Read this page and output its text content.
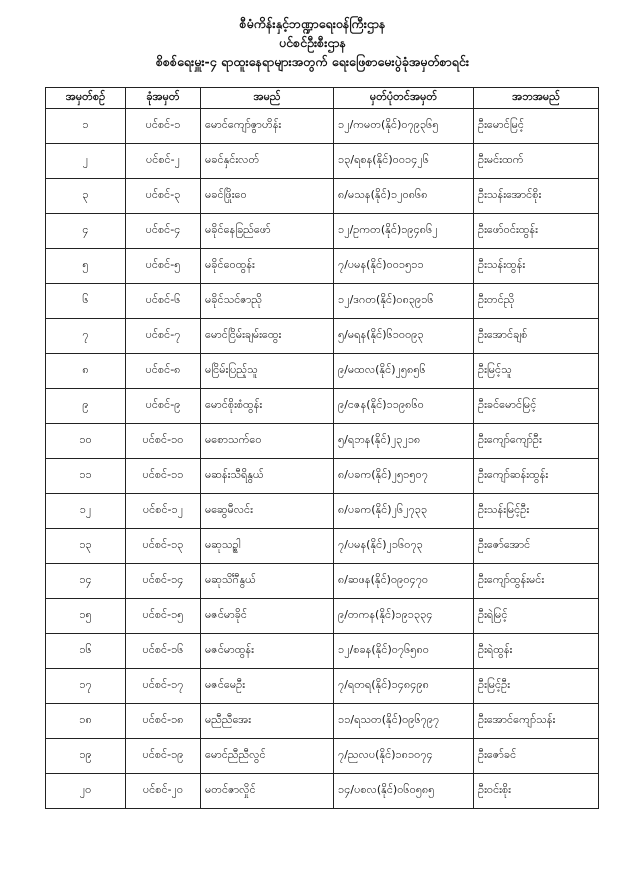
စီမံကိန်းနှင့်ဘဏ္ဍာရေးဝန်ကြီးဌာန
ပင်စင်ဦးစီးဌာန
စိစစ်ရေးမှူး-၄ ရာထူးနေရာများအတွက် ရေးဖြေစာမေးပွဲခုံအမှတ်စာရင်း
အမှတ်စဉ်	ခုံအမှတ်	အမည်	မှတ်ပုံတင်အမှတ်	အဘအမည်
၁	ပင်စင်-၁	မောင်ကျော်ဇွာဟိန်း	၁၂/ကမတ(နိုင်)၀၇၉၃၆၅	ဦးမောင်မြင့်
၂	ပင်စင်-၂	မခင်နှင်းလတ်	၁၃/ရစန(နိုင်)၀၀၁၄၂၆	ဦးမင်းထက်
၃	ပင်စင်-၃	မခင်ဖြိုးဝေ	၈/မသန(နိုင်)၁၂၀၈၆၈	ဦးသန်းအောင်စိုး
၄	ပင်စင်-၄	မခိုင်နေခြည်ဖော်	၁၂/ဥကတ(နိုင်)၁၉၄၈၆၂	ဦးဖော်ဝင်းထွန်း
၅	ပင်စင်-၅	မခိုင်ဝေထွန်း	၇/ပမန(နိုင်)၀၀၁၅၁၁	ဦးသန်းထွန်း
၆	ပင်စင်-၆	မခိုင်သင်ဇာညို	၁၂/ဒဂတ(နိုင်)၀၈၃၉၁၆	ဦးတင်ညို
၇	ပင်စင်-၇	မောင်ငြိမ်းချမ်းထွေး	၅/မရန(နိုင်)၆၁၀၀၉၃	ဦးအောင်ချစ်
၈	ပင်စင်-၈	မငြိမ်းပြည့်သူ	၉/မထလ(နိုင်)၂၅၈၅၆	ဦးမြင့်သူ
၉	ပင်စင်-၉	မောင်စိုးစံထွန်း	၉/ငဇန(နိုင်)၁၁၉၈၆၀	ဦးခင်မောင်မြင့်
၁၀	ပင်စင်-၁၀	မစောသက်ဝေ	၅/ရဘန(နိုင်)၂၃၂၁၈	ဦးကျော်ကျော်ဦး
၁၁	ပင်စင်-၁၁	မဆန်းသီရိနွယ်	၈/ပခက(နိုင်)၂၅၁၅၀၇	ဦးကျော်ဆန်းထွန်း
၁၂	ပင်စင်-၁၂	မဆွေမီလင်း	၈/ပခက(နိုင်)၂၆၂၇၃၃	ဦးသန်းမြင့်ဦး
၁၃	ပင်စင်-၁၃	မဆုသဥ္စါ	၇/ပမန(နိုင်)၂၁၆၀၇၃	ဦးဇော်အောင်
၁၄	ပင်စင်-၁၄	မဆုသိင်္ဂီနွယ်	၈/ဆဖန(နိုင်)၀၉၀၄၇၀	ဦးကျော်ထွန်းမင်း
၁၅	ပင်စင်-၁၅	မဇင်မာခိုင်	၉/တကန(နိုင်)၁၉၁၃၃၄	ဦးရဲမြင့်
၁၆	ပင်စင်-၁၆	မဇင်မာထွန်း	၁၂/စခန(နိုင်)၀၇၆၅၈၀	ဦးရဲထွန်း
၁၇	ပင်စင်-၁၇	မဇင်မေဦး	၇/ရတရ(နိုင်)၁၄၈၄၉၈	ဦးမြင့်ဦး
၁၈	ပင်စင်-၁၈	မညီညီအေး	၁၁/ရသတ(နိုင်)၀၉၆၇၉၇	ဦးအောင်ကျော်သန်း
၁၉	ပင်စင်-၁၉	မောင်ညီညီလွင်	၇/ညလပ(နိုင်)၁၈၁၀၇၄	ဦးဇော်ခင်
၂၀	ပင်စင်-၂၀	မတင်ဇာလှိုင်	၁၄/ပစလ(နိုင်)၀၆၀၅၈၅	ဦးဝင်းစိုး
